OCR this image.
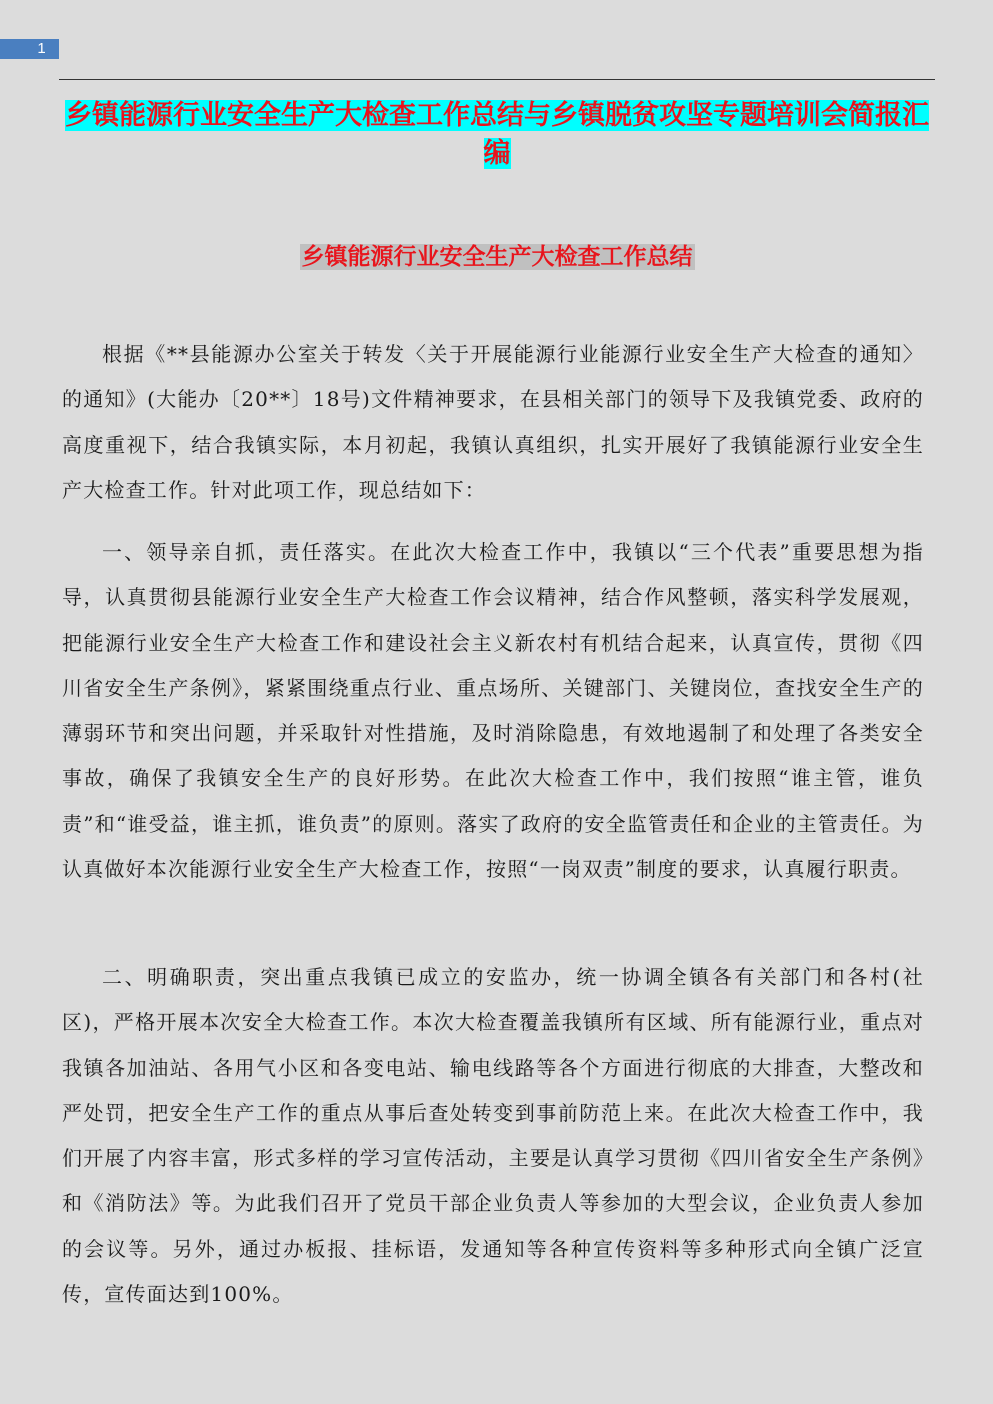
1
乡镇能源行业安全生产大检查工作总结与乡镇脱贫攻坚专题培训会简报汇编
乡镇能源行业安全生产大检查工作总结

根据《**县能源办公室关于转发〈关于开展能源行业能源行业安全生产大检查的通知〉的通知》(大能办〔20**〕18号)文件精神要求，在县相关部门的领导下及我镇党委、政府的高度重视下，结合我镇实际，本月初起，我镇认真组织，扎实开展好了我镇能源行业安全生产大检查工作。针对此项工作，现总结如下：

一、领导亲自抓，责任落实。在此次大检查工作中，我镇以“三个代表”重要思想为指导，认真贯彻县能源行业安全生产大检查工作会议精神，结合作风整顿，落实科学发展观，把能源行业安全生产大检查工作和建设社会主义新农村有机结合起来，认真宣传，贯彻《四川省安全生产条例》，紧紧围绕重点行业、重点场所、关键部门、关键岗位，查找安全生产的薄弱环节和突出问题，并采取针对性措施，及时消除隐患，有效地遏制了和处理了各类安全事故，确保了我镇安全生产的良好形势。在此次大检查工作中，我们按照“谁主管，谁负责”和“谁受益，谁主抓，谁负责”的原则。落实了政府的安全监管责任和企业的主管责任。为认真做好本次能源行业安全生产大检查工作，按照“一岗双责”制度的要求，认真履行职责。

二、明确职责，突出重点我镇已成立的安监办，统一协调全镇各有关部门和各村(社区)，严格开展本次安全大检查工作。本次大检查覆盖我镇所有区域、所有能源行业，重点对我镇各加油站、各用气小区和各变电站、输电线路等各个方面进行彻底的大排查，大整改和严处罚，把安全生产工作的重点从事后查处转变到事前防范上来。在此次大检查工作中，我们开展了内容丰富，形式多样的学习宣传活动，主要是认真学习贯彻《四川省安全生产条例》和《消防法》等。为此我们召开了党员干部企业负责人等参加的大型会议，企业负责人参加的会议等。另外，通过办板报、挂标语，发通知等各种宣传资料等多种形式向全镇广泛宣传，宣传面达到100%。
